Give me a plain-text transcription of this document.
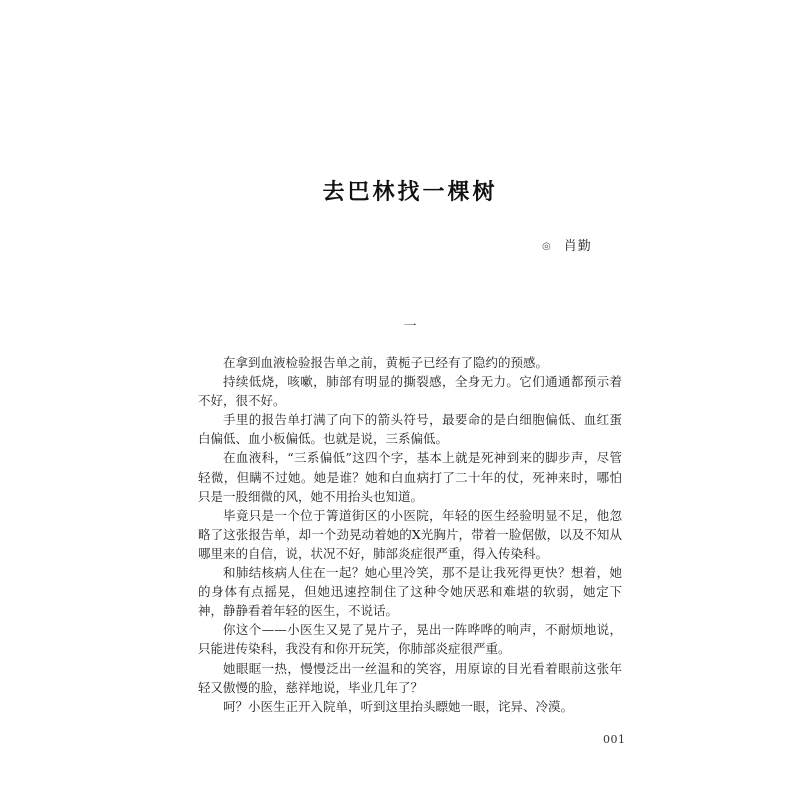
去巴林找一棵树
◎ 肖勤
一

在拿到血液检验报告单之前，黄栀子已经有了隐约的预感。

持续低烧，咳嗽，肺部有明显的撕裂感，全身无力。它们通通都预示着不好，很不好。

手里的报告单打满了向下的箭头符号，最要命的是白细胞偏低、血红蛋白偏低、血小板偏低。也就是说，三系偏低。

在血液科，“三系偏低”这四个字，基本上就是死神到来的脚步声，尽管轻微，但瞒不过她。她是谁？她和白血病打了二十年的仗，死神来时，哪怕只是一股细微的风，她不用抬头也知道。

毕竟只是一个位于箐道街区的小医院，年轻的医生经验明显不足，他忽略了这张报告单，却一个劲晃动着她的X光胸片，带着一脸倨傲，以及不知从哪里来的自信，说，状况不好，肺部炎症很严重，得入传染科。

和肺结核病人住在一起？她心里冷笑，那不是让我死得更快？想着，她的身体有点摇晃，但她迅速控制住了这种令她厌恶和难堪的软弱，她定下神，静静看着年轻的医生，不说话。

你这个——小医生又晃了晃片子，晃出一阵哗哗的响声，不耐烦地说，只能进传染科，我没有和你开玩笑，你肺部炎症很严重。

她眼眶一热，慢慢泛出一丝温和的笑容，用原谅的目光看着眼前这张年轻又傲慢的脸，慈祥地说，毕业几年了？

呵？小医生正开入院单，听到这里抬头瞟她一眼，诧异、冷漠。

001
